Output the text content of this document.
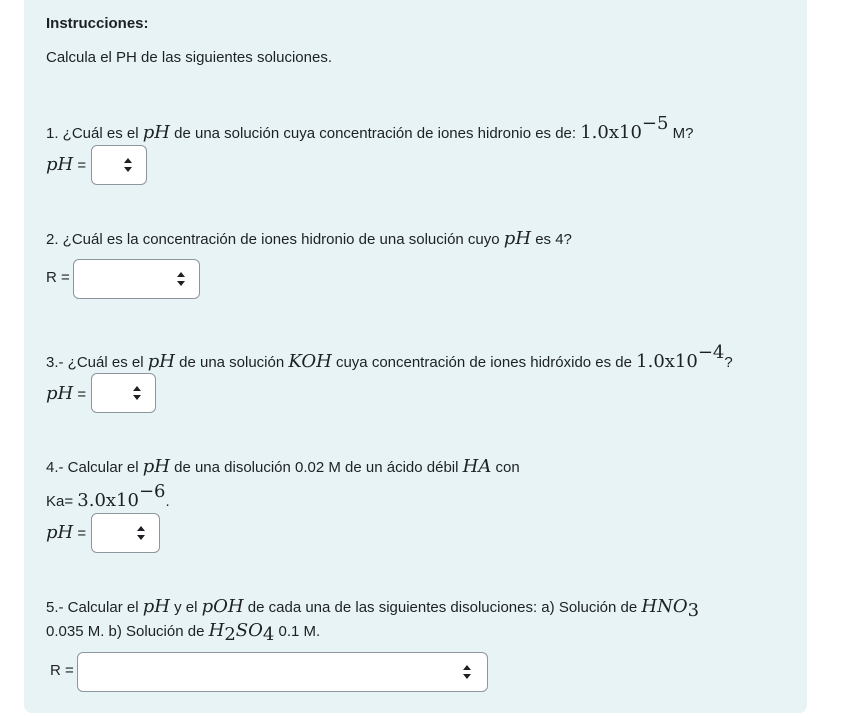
Instrucciones:
Calcula el PH de las siguientes soluciones.
1. ¿Cuál es el pH de una solución cuya concentración de iones hidronio es de: $1.0x10^{-5}$ M?
pH =
2. ¿Cuál es la concentración de iones hidronio de una solución cuyo pH es 4?
R =
3.- ¿Cuál es el pH de una solución KOH cuya concentración de iones hidróxido es de $1.0x10^{-4}$?
pH =
4.- Calcular el pH de una disolución 0.02 M de un ácido débil HA con
$Ka= 3.0x10^{-6}$.
pH =
5.- Calcular el pH y el pOH de cada una de las siguientes disoluciones: a) Solución de $HNO_3$
0.035 M. b) Solución de $H_2SO_4$ 0.1 M.
R =
